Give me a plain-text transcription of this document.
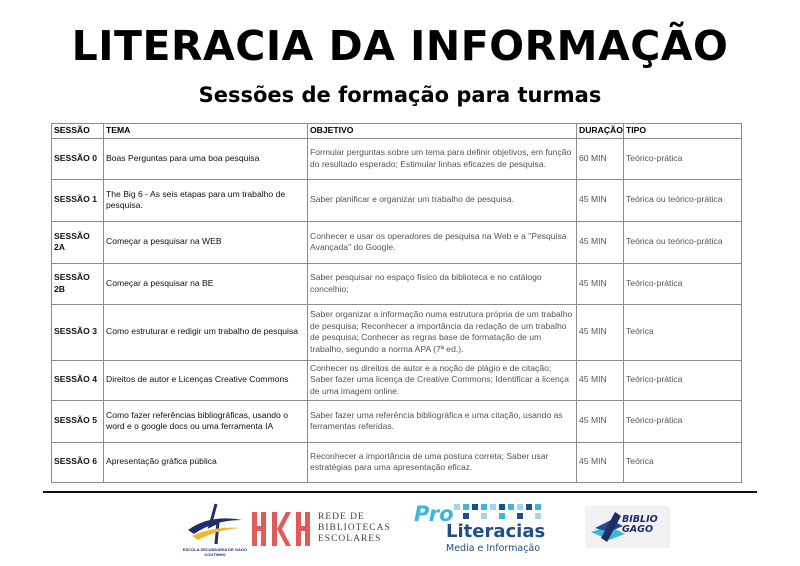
LITERACIA DA INFORMAÇÃO
Sessões de formação para turmas
SESSÃO	TEMA	OBJETIVO	DURAÇÃO	TIPO
SESSÃO 0	Boas Perguntas para uma boa pesquisa	Formular perguntas sobre um tema para definir objetivos, em função do resultado esperado; Estimular linhas eficazes de pesquisa.	60 MIN	Teórico-prática
SESSÃO 1	The Big 6 - As seis etapas para um trabalho de pesquisa.	Saber planificar e organizar um trabalho de pesquisa.	45 MIN	Teórica ou teórico-prática
SESSÃO 2A	Começar a pesquisar na WEB	Conhecer e usar os operadores de pesquisa na Web e a "Pesquisa Avançada" do Google.	45 MIN	Teórica ou teórico-prática
SESSÃO 2B	Começar a pesquisar na BE	Saber pesquisar no espaço físico da biblioteca e no catálogo concelhio;	45 MIN	Teórico-prática
SESSÃO 3	Como estruturar e redigir um trabalho de pesquisa	Saber organizar a informação numa estrutura própria de um trabalho de pesquisa; Reconhecer a importância da redação de um trabalho de pesquisa; Conhecer as regras base de formatação de um trabalho, segundo a norma APA (7ª ed.).	45 MIN	Teórica
SESSÃO 4	Direitos de autor e Licenças Creative Commons	Conhecer os direitos de autor e a noção de plágio e de citação; Saber fazer uma licença de Creative Commons; Identificar a licença de uma imagem online.	45 MIN	Teórico-prática
SESSÃO 5	Como fazer referências bibliográficas, usando o word e o google docs ou uma ferramenta IA	Saber fazer uma referência bibliográfica e uma citação, usando as ferramentas referidas.	45 MIN	Teórico-prática
SESSÃO 6	Apresentação gráfica pública	Reconhecer a importância de uma postura correta; Saber usar estratégias para uma apresentação eficaz.	45 MIN	Teórica
ESCOLA SECUNDÁRIA DE GAGO COUTINHO
REDE DE BIBLIOTECAS ESCOLARES
Pro
Literacias
Media e Informação
BIBLIO
GAGO
